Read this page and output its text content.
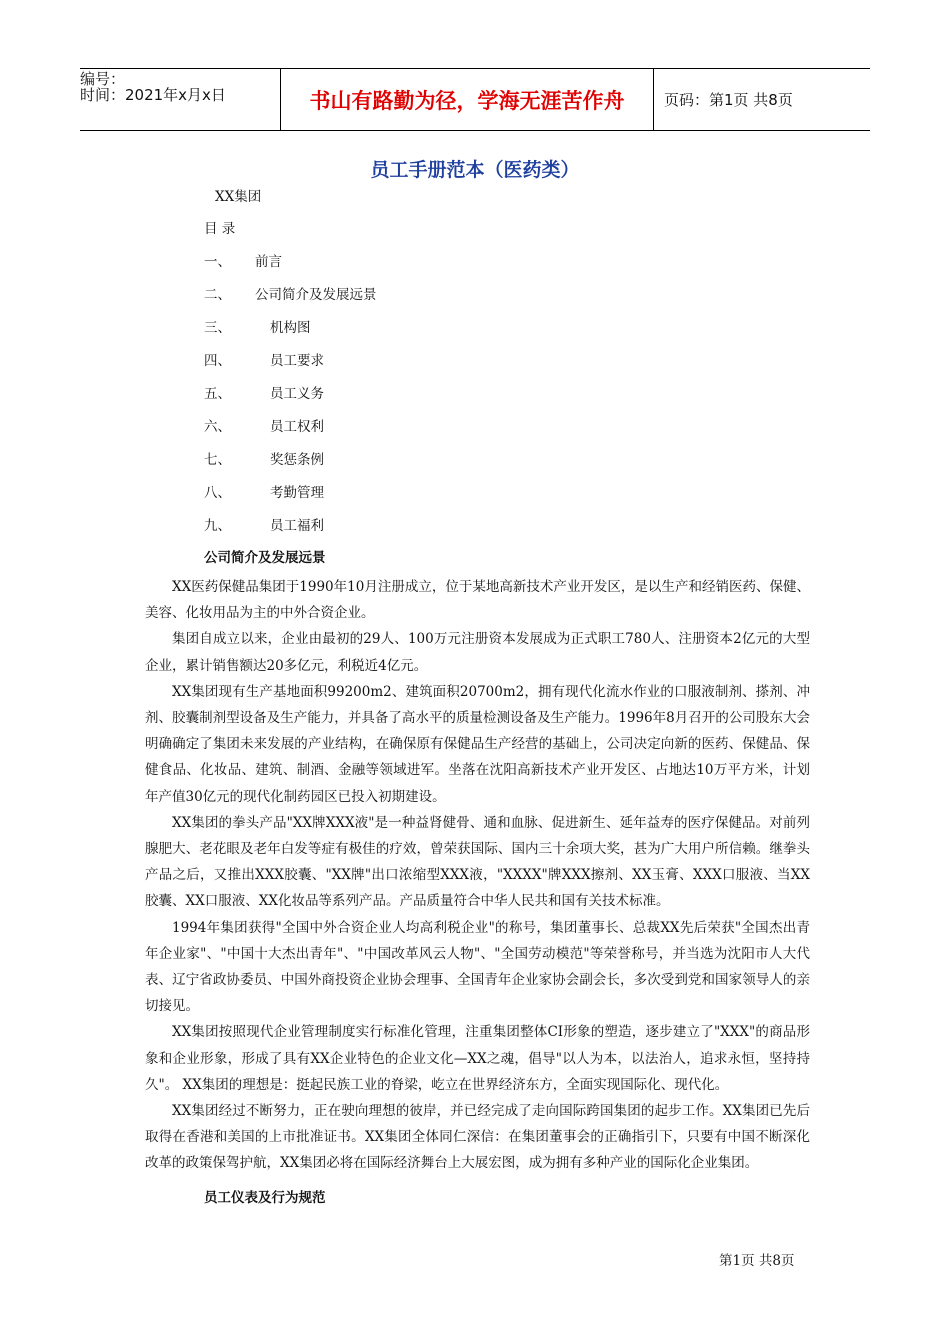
编号：
时间：2021年x月x日	书山有路勤为径，学海无涯苦作舟	页码：第1页 共8页
员工手册范本（医药类）
XX集团
目 录
一、 前言
二、 公司简介及发展远景
三、	机构图
四、	员工要求
五、	员工义务
六、	员工权利
七、	奖惩条例
八、	考勤管理
九、	员工福利
公司简介及发展远景

XX医药保健品集团于1990年10月注册成立，位于某地高新技术产业开发区，是以生产和经销医药、保健、美容、化妆用品为主的中外合资企业。

集团自成立以来，企业由最初的29人、100万元注册资本发展成为正式职工780人、注册资本2亿元的大型企业，累计销售额达20多亿元，利税近4亿元。

XX集团现有生产基地面积99200m2、建筑面积20700m2，拥有现代化流水作业的口服液制剂、搽剂、冲剂、胶囊制剂型设备及生产能力，并具备了高水平的质量检测设备及生产能力。1996年8月召开的公司股东大会明确确定了集团未来发展的产业结构，在确保原有保健品生产经营的基础上，公司决定向新的医药、保健品、保健食品、化妆品、建筑、制酒、金融等领域进军。坐落在沈阳高新技术产业开发区、占地达10万平方米，计划年产值30亿元的现代化制药园区已投入初期建设。

XX集团的拳头产品"XX牌XXX液"是一种益肾健骨、通和血脉、促进新生、延年益寿的医疗保健品。对前列腺肥大、老花眼及老年白发等症有极佳的疗效，曾荣获国际、国内三十余项大奖，甚为广大用户所信赖。继拳头产品之后，又推出XXX胶囊、"XX牌"出口浓缩型XXX液，"XXXX"牌XXX擦剂、XX玉膏、XXX口服液、当XX胶囊、XX口服液、XX化妆品等系列产品。产品质量符合中华人民共和国有关技术标准。

1994年集团获得"全国中外合资企业人均高利税企业"的称号，集团董事长、总裁XX先后荣获"全国杰出青年企业家"、"中国十大杰出青年"、"中国改革风云人物"、"全国劳动模范"等荣誉称号，并当选为沈阳市人大代表、辽宁省政协委员、中国外商投资企业协会理事、全国青年企业家协会副会长，多次受到党和国家领导人的亲切接见。

XX集团按照现代企业管理制度实行标准化管理，注重集团整体CI形象的塑造，逐步建立了"XXX"的商品形象和企业形象，形成了具有XX企业特色的企业文化—XX之魂，倡导"以人为本，以法治人，追求永恒，坚持持久"。 XX集团的理想是：挺起民族工业的脊梁，屹立在世界经济东方，全面实现国际化、现代化。

XX集团经过不断努力，正在驶向理想的彼岸，并已经完成了走向国际跨国集团的起步工作。XX集团已先后取得在香港和美国的上市批准证书。XX集团全体同仁深信：在集团董事会的正确指引下，只要有中国不断深化改革的政策保驾护航，XX集团必将在国际经济舞台上大展宏图，成为拥有多种产业的国际化企业集团。

员工仪表及行为规范
第1页 共8页
